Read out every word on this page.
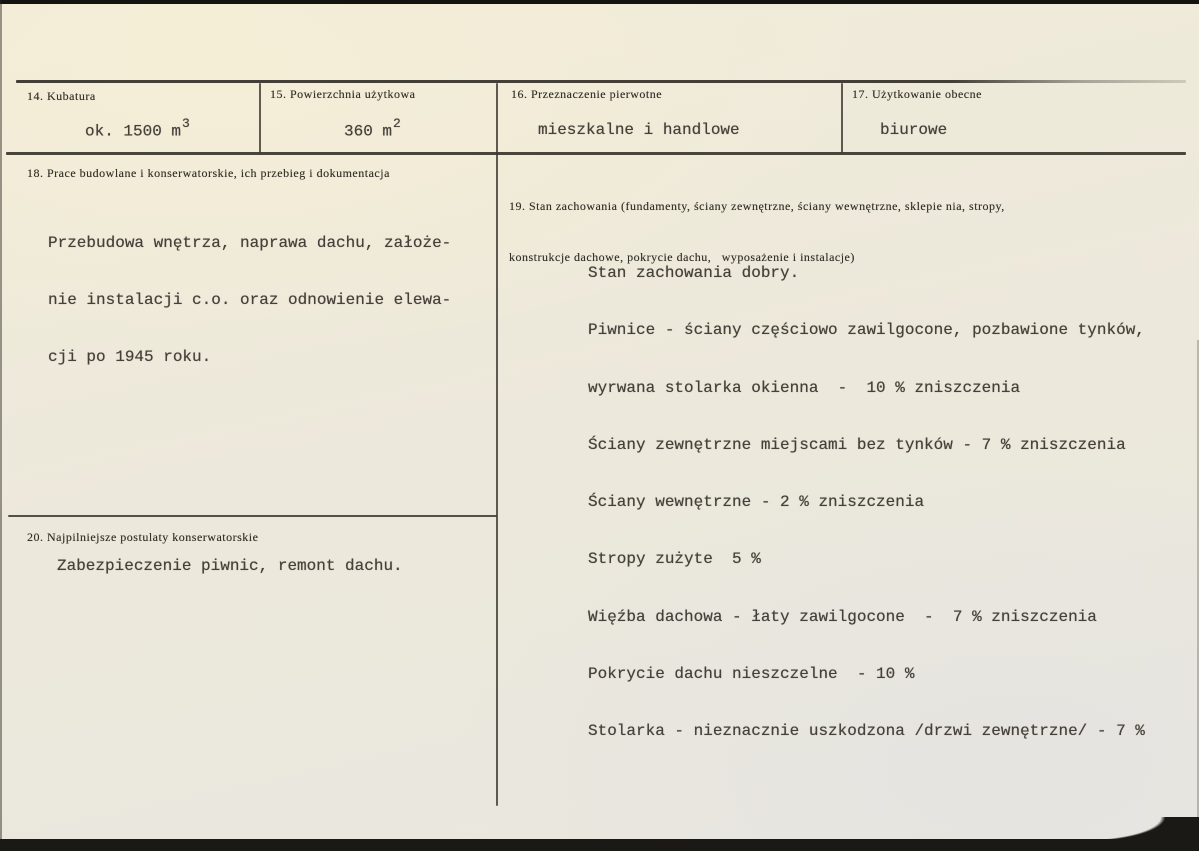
14. Kubatura	15. Powierzchnia użytkowa	16. Przeznaczenie pierwotne	17. Użytkowanie obecne
ok. 1500 $m^3$	360 $m^2$	mieszkalne i handlowe	biurowe
18. Prace budowlane i konserwatorskie, ich przebieg i dokumentacja

Przebudowa wnętrza, naprawa dachu, założe-

nie instalacji c.o. oraz odnowienie elewa-

cji po 1945 roku.

19. Stan zachowania (fundamenty, ściany zewnętrzne, ściany wewnętrzne, sklepie nia, stropy,

konstrukcje dachowe, pokrycie dachu,   wyposażenie i instalacje)

Stan zachowania dobry.

Piwnice - ściany częściowo zawilgocone, pozbawione tynków,

wyrwana stolarka okienna  -  10 % zniszczenia

Ściany zewnętrzne miejscami bez tynków - 7 % zniszczenia

Ściany wewnętrzne - 2 % zniszczenia

Stropy zużyte  5 %

Więźba dachowa - łaty zawilgocone  -  7 % zniszczenia

Pokrycie dachu nieszczelne  - 10 %

Stolarka - nieznacznie uszkodzona /drzwi zewnętrzne/ - 7 %

20. Najpilniejsze postulaty konserwatorskie
Zabezpieczenie piwnic, remont dachu.
